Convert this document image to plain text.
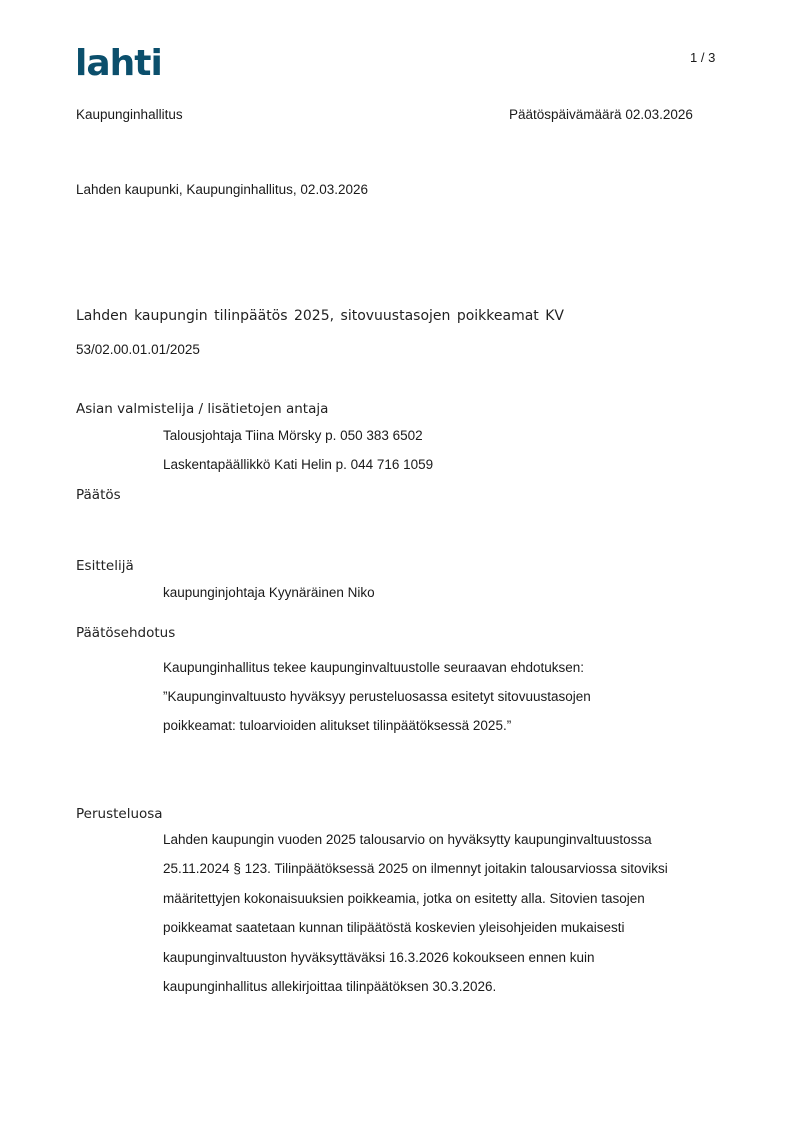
lahti	1 / 3
Kaupunginhallitus	Päätöspäivämäärä 02.03.2026
Lahden kaupunki, Kaupunginhallitus, 02.03.2026
Lahden kaupungin tilinpäätös 2025, sitovuustasojen poikkeamat KV
53/02.00.01.01/2025
Asian valmistelija / lisätietojen antaja
Talousjohtaja Tiina Mörsky p. 050 383 6502
Laskentapäällikkö Kati Helin p. 044 716 1059
Päätös
Esittelijä
kaupunginjohtaja Kyynäräinen Niko
Päätösehdotus
Kaupunginhallitus tekee kaupunginvaltuustolle seuraavan ehdotuksen:
”Kaupunginvaltuusto hyväksyy perusteluosassa esitetyt sitovuustasojen
poikkeamat: tuloarvioiden alitukset tilinpäätöksessä 2025.”
Perusteluosa
Lahden kaupungin vuoden 2025 talousarvio on hyväksytty kaupunginvaltuustossa
25.11.2024 § 123. Tilinpäätöksessä 2025 on ilmennyt joitakin talousarviossa sitoviksi
määritettyjen kokonaisuuksien poikkeamia, jotka on esitetty alla. Sitovien tasojen
poikkeamat saatetaan kunnan tilipäätöstä koskevien yleisohjeiden mukaisesti
kaupunginvaltuuston hyväksyttäväksi 16.3.2026 kokoukseen ennen kuin
kaupunginhallitus allekirjoittaa tilinpäätöksen 30.3.2026.
